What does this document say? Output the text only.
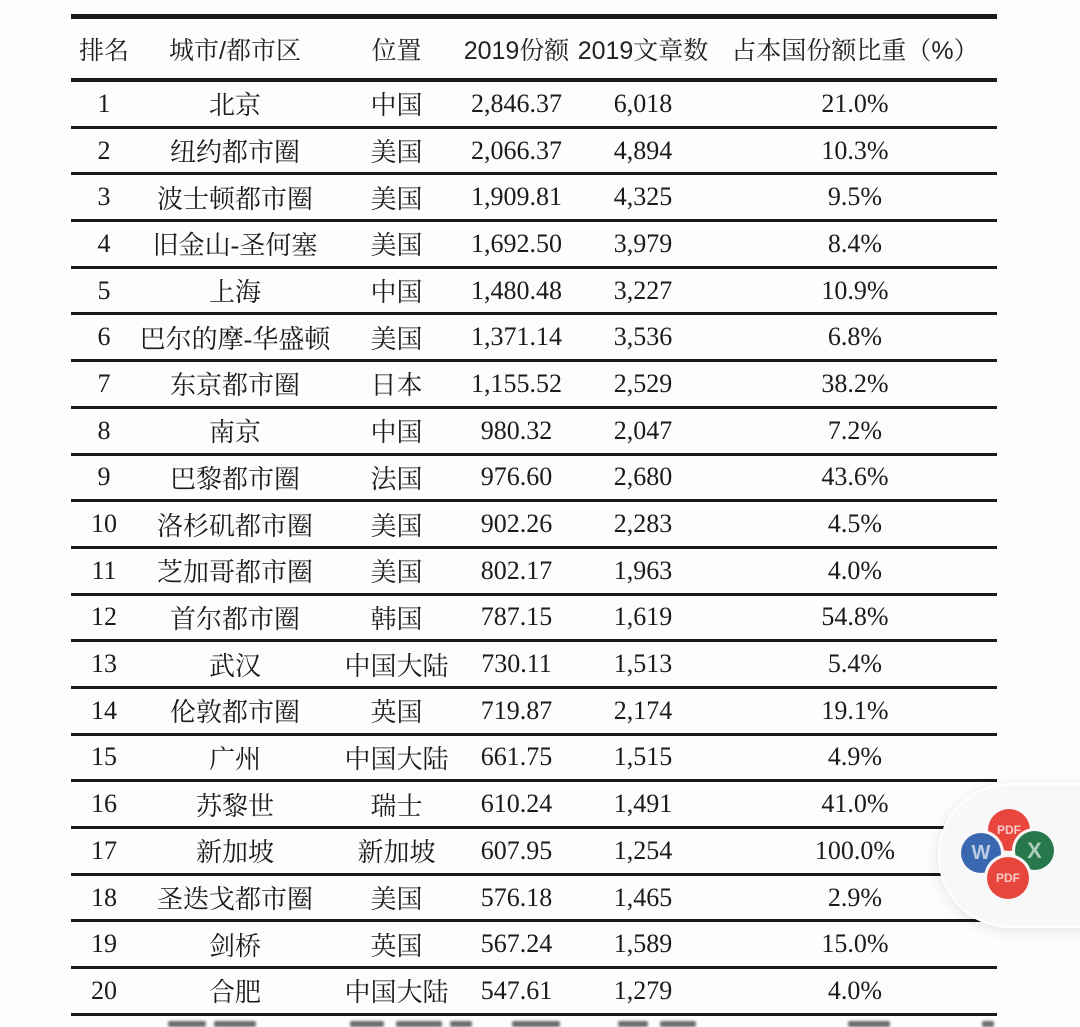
排名	城市/都市区	位置	2019份额	2019文章数	占本国份额比重（%）
1	北京	中国	2,846.37	6,018	21.0%
2	纽约都市圈	美国	2,066.37	4,894	10.3%
3	波士顿都市圈	美国	1,909.81	4,325	9.5%
4	旧金山-圣何塞	美国	1,692.50	3,979	8.4%
5	上海	中国	1,480.48	3,227	10.9%
6	巴尔的摩-华盛顿	美国	1,371.14	3,536	6.8%
7	东京都市圈	日本	1,155.52	2,529	38.2%
8	南京	中国	980.32	2,047	7.2%
9	巴黎都市圈	法国	976.60	2,680	43.6%
10	洛杉矶都市圈	美国	902.26	2,283	4.5%
11	芝加哥都市圈	美国	802.17	1,963	4.0%
12	首尔都市圈	韩国	787.15	1,619	54.8%
13	武汉	中国大陆	730.11	1,513	5.4%
14	伦敦都市圈	英国	719.87	2,174	19.1%
15	广州	中国大陆	661.75	1,515	4.9%
16	苏黎世	瑞士	610.24	1,491	41.0%
17	新加坡	新加坡	607.95	1,254	100.0%
18	圣迭戈都市圈	美国	576.18	1,465	2.9%
19	剑桥	英国	567.24	1,589	15.0%
20	合肥	中国大陆	547.61	1,279	4.0%
PDF
X
W
PDF
